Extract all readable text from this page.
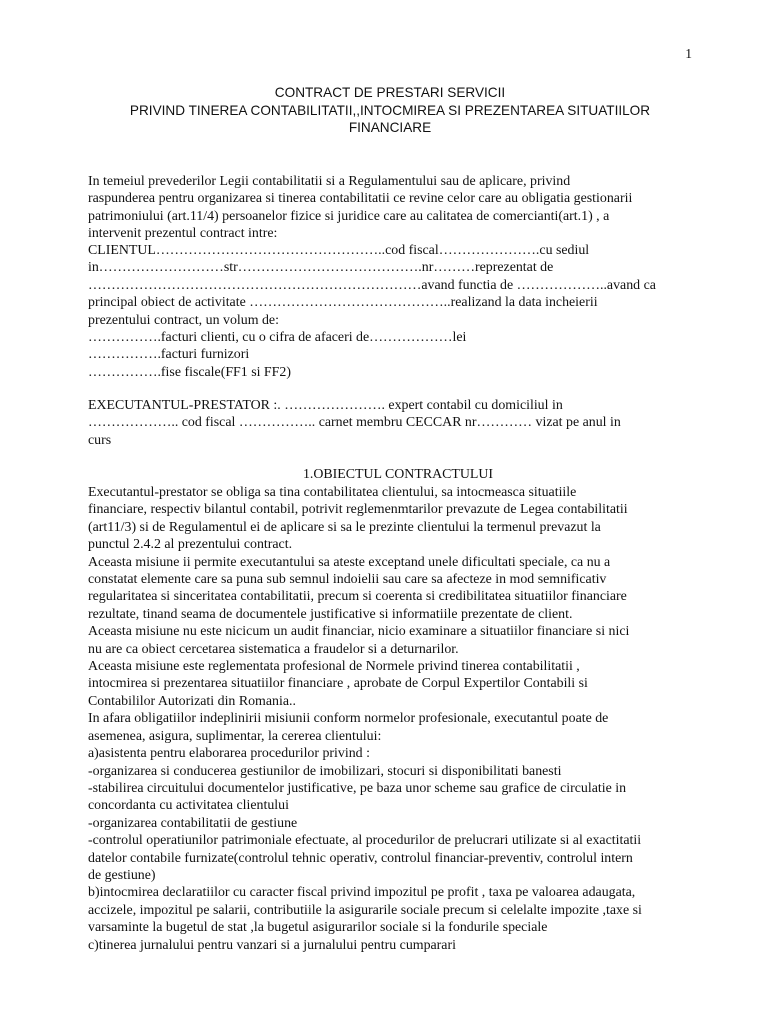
1
CONTRACT DE PRESTARI SERVICII
PRIVIND TINEREA CONTABILITATII,,INTOCMIREA SI PREZENTAREA SITUATIILOR
FINANCIARE
In temeiul prevederilor Legii contabilitatii si a Regulamentului sau de aplicare, privind
raspunderea pentru organizarea si tinerea contabilitatii ce revine celor care au obligatia gestionarii
patrimoniului (art.11/4) persoanelor fizice si juridice care au calitatea de comercianti(art.1) , a
intervenit prezentul contract intre:
CLIENTUL…………………………………………..cod fiscal………………….cu sediul
in………………………str………………………………….nr………reprezentat de
………………………………………………………………avand functia de ………………..avand ca
principal obiect de activitate ……………………………………..realizand la data incheierii
prezentului contract, un volum de:
…………….facturi clienti, cu o cifra de afaceri de………………lei
…………….facturi furnizori
…………….fise fiscale(FF1 si FF2)
EXECUTANTUL-PRESTATOR :. …………………. expert contabil cu domiciliul in
……………….. cod fiscal …………….. carnet membru CECCAR nr………… vizat pe anul in
curs
1.OBIECTUL CONTRACTULUI
Executantul-prestator se obliga sa tina contabilitatea clientului, sa intocmeasca situatiile
financiare, respectiv bilantul contabil, potrivit reglemenmtarilor prevazute de Legea contabilitatii
(art11/3) si de Regulamentul ei de aplicare si sa le prezinte clientului la termenul prevazut la
punctul 2.4.2 al prezentului contract.
Aceasta misiune ii permite executantului sa ateste exceptand unele dificultati speciale, ca nu a
constatat elemente care sa puna sub semnul indoielii sau care sa afecteze in mod semnificativ
regularitatea si sinceritatea contabilitatii, precum si coerenta si credibilitatea situatiilor financiare
rezultate, tinand seama de documentele justificative si informatiile prezentate de client.
Aceasta misiune nu este nicicum un audit financiar, nicio examinare a situatiilor financiare si nici
nu are ca obiect cercetarea sistematica a fraudelor si a deturnarilor.
Aceasta misiune este reglementata profesional de Normele privind tinerea contabilitatii ,
intocmirea si prezentarea situatiilor financiare , aprobate de Corpul Expertilor Contabili si
Contabililor Autorizati din Romania..
In afara obligatiilor indeplinirii misiunii conform normelor profesionale, executantul poate de
asemenea, asigura, suplimentar, la cererea clientului:
a)asistenta pentru elaborarea procedurilor privind :
-organizarea si conducerea gestiunilor de imobilizari, stocuri si disponibilitati banesti
-stabilirea circuitului documentelor justificative, pe baza unor scheme sau grafice de circulatie in
concordanta cu activitatea clientului
-organizarea contabilitatii de gestiune
-controlul operatiunilor patrimoniale efectuate, al procedurilor de prelucrari utilizate si al exactitatii
datelor contabile furnizate(controlul tehnic operativ, controlul financiar-preventiv, controlul intern
de gestiune)
b)intocmirea declaratiilor cu caracter fiscal privind impozitul pe profit , taxa pe valoarea adaugata,
accizele, impozitul pe salarii, contributiile la asigurarile sociale precum si celelalte impozite ,taxe si
varsaminte la bugetul de stat ,la bugetul asigurarilor sociale si la fondurile speciale
c)tinerea jurnalului pentru vanzari si a jurnalului pentru cumparari
